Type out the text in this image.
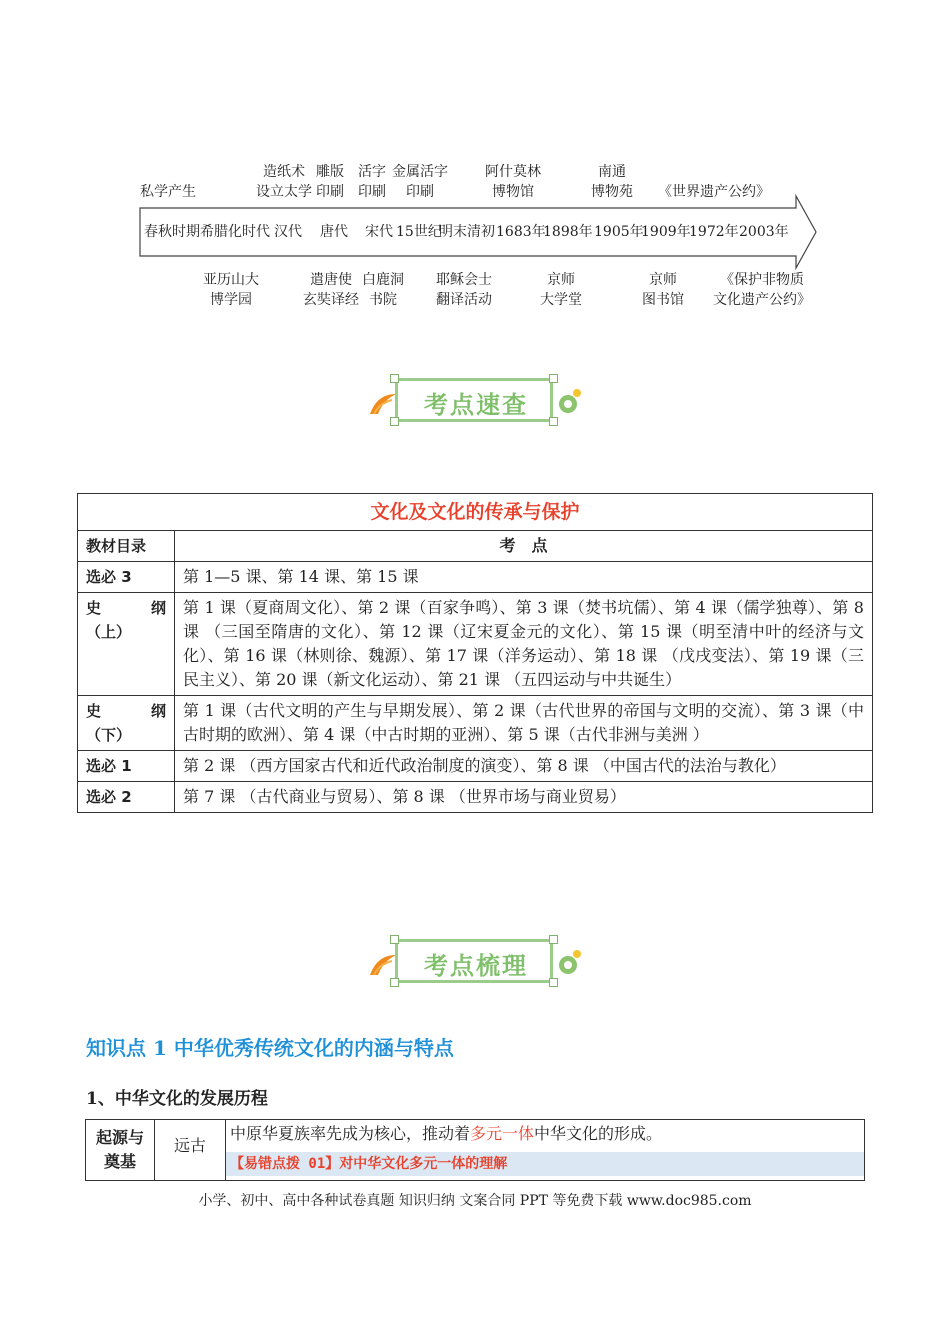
私学产生
造纸术
设立太学
雕版
印刷
活字
印刷
金属活字
印刷
阿什莫林
博物馆
南通
博物苑 《世界遗产公约》
春秋时期 希腊化时代 汉代 唐代 宋代 15世纪
明末清初 1683年
1898年 1905年
1909年
1972年 2003年
亚历山大
博学园
遣唐使
玄奘译经
白鹿洞
书院
耶稣会士
翻译活动
京师
大学堂
京师
图书馆
《保护非物质
文化遗产公约》
考点速查
文化及文化的传承与保护	
教材目录	考　点
选必 3	第 1—5 课、第 14 课、第 15 课

史 纲
（上）	第 1 课（夏商周文化）、第 2 课（百家争鸣）、第 3 课（焚书坑儒）、第 4 课（儒学独尊）、第 8 课 （三国至隋唐的文化）、第 12 课（辽宋夏金元的文化）、第 15 课（明至清中叶的经济与文化）、第 16 课（林则徐、魏源）、第 17 课（洋务运动）、第 18 课 （戊戌变法）、第 19 课（三民主义）、第 20 课（新文化运动）、第 21 课 （五四运动与中共诞生）

史 纲
（下）	第 1 课（古代文明的产生与早期发展）、第 2 课（古代世界的帝国与文明的交流）、第 3 课（中古时期的欧洲）、第 4 课（中古时期的亚洲）、第 5 课（古代非洲与美洲 ）
选必 1	第 2 课 （西方国家古代和近代政治制度的演变）、第 8 课 （中国古代的法治与教化）
选必 2	第 7 课 （古代商业与贸易）、第 8 课 （世界市场与商业贸易）
考点梳理
知识点 1 中华优秀传统文化的内涵与特点
1、中华文化的发展历程
起源与
奠基
	远古	中原华夏族率先成为核心，推动着多元一体中华文化的形成。

【易错点拨 01】对中华文化多元一体的理解
小学、初中、高中各种试卷真题 知识归纳 文案合同 PPT 等免费下载 www.doc985.com
